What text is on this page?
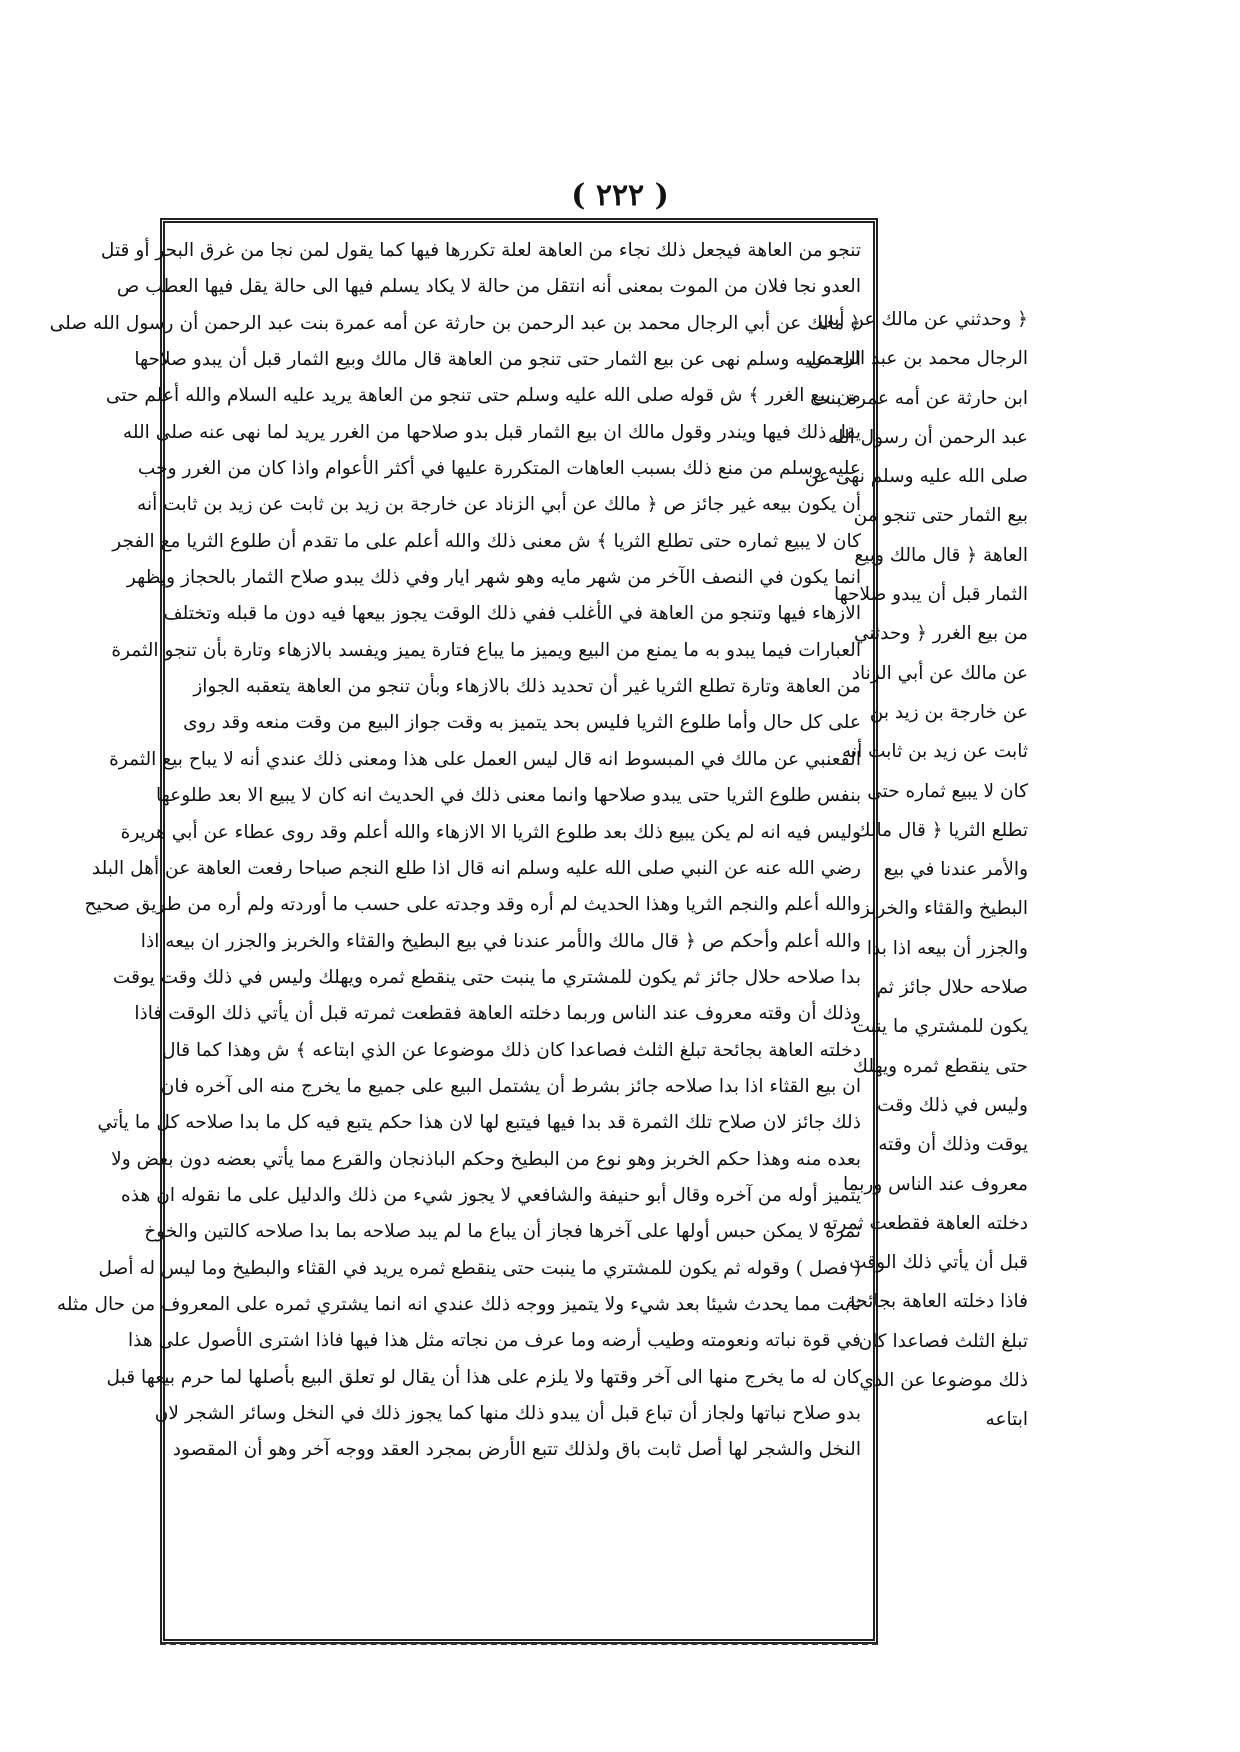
( ٢٢٢ )
تنجو من العاهة فيجعل ذلك نجاء من العاهة لعلة تكررها فيها كما يقول لمن نجا من غرق البحر أو قتل
العدو نجا فلان من الموت بمعنى أنه انتقل من حالة لا يكاد يسلم فيها الى حالة يقل فيها العطب ص
﴿ مالك عن أبي الرجال محمد بن عبد الرحمن بن حارثة عن أمه عمرة بنت عبد الرحمن أن رسول الله صلى
الله عليه وسلم نهى عن بيع الثمار حتى تنجو من العاهة قال مالك وبيع الثمار قبل أن يبدو صلاحها
من بيع الغرر ﴾ ش قوله صلى الله عليه وسلم حتى تنجو من العاهة يريد عليه السلام والله أعلم حتى
يقل ذلك فيها ويندر وقول مالك ان بيع الثمار قبل بدو صلاحها من الغرر يريد لما نهى عنه صلى الله
عليه وسلم من منع ذلك بسبب العاهات المتكررة عليها في أكثر الأعوام واذا كان من الغرر وجب
أن يكون بيعه غير جائز ص ﴿ مالك عن أبي الزناد عن خارجة بن زيد بن ثابت عن زيد بن ثابت أنه
كان لا يبيع ثماره حتى تطلع الثريا ﴾ ش معنى ذلك والله أعلم على ما تقدم أن طلوع الثريا مع الفجر
انما يكون في النصف الآخر من شهر مايه وهو شهر ايار وفي ذلك يبدو صلاح الثمار بالحجاز ويظهر
الازهاء فيها وتنجو من العاهة في الأغلب ففي ذلك الوقت يجوز بيعها فيه دون ما قبله وتختلف
العبارات فيما يبدو به ما يمنع من البيع ويميز ما يباع فتارة يميز ويفسد بالازهاء وتارة بأن تنجو الثمرة
من العاهة وتارة تطلع الثريا غير أن تحديد ذلك بالازهاء وبأن تنجو من العاهة يتعقبه الجواز
على كل حال وأما طلوع الثريا فليس بحد يتميز به وقت جواز البيع من وقت منعه وقد روى
القعنبي عن مالك في المبسوط انه قال ليس العمل على هذا ومعنى ذلك عندي أنه لا يباح بيع الثمرة
بنفس طلوع الثريا حتى يبدو صلاحها وانما معنى ذلك في الحديث انه كان لا يبيع الا بعد طلوعها
وليس فيه انه لم يكن يبيع ذلك بعد طلوع الثريا الا الازهاء والله أعلم وقد روى عطاء عن أبي هريرة
رضي الله عنه عن النبي صلى الله عليه وسلم انه قال اذا طلع النجم صباحا رفعت العاهة عن أهل البلد
والله أعلم والنجم الثريا وهذا الحديث لم أره وقد وجدته على حسب ما أوردته ولم أره من طريق صحيح
والله أعلم وأحكم ص ﴿ قال مالك والأمر عندنا في بيع البطيخ والقثاء والخربز والجزر ان بيعه اذا
بدا صلاحه حلال جائز ثم يكون للمشتري ما ينبت حتى ينقطع ثمره ويهلك وليس في ذلك وقت يوقت
وذلك أن وقته معروف عند الناس وربما دخلته العاهة فقطعت ثمرته قبل أن يأتي ذلك الوقت فاذا
دخلته العاهة بجائحة تبلغ الثلث فصاعدا كان ذلك موضوعا عن الذي ابتاعه ﴾ ش وهذا كما قال
ان بيع القثاء اذا بدا صلاحه جائز بشرط أن يشتمل البيع على جميع ما يخرج منه الى آخره فان
ذلك جائز لان صلاح تلك الثمرة قد بدا فيها فيتبع لها لان هذا حكم يتبع فيه كل ما بدا صلاحه كل ما يأتي
بعده منه وهذا حكم الخربز وهو نوع من البطيخ وحكم الباذنجان والقرع مما يأتي بعضه دون بعض ولا
يتميز أوله من آخره وقال أبو حنيفة والشافعي لا يجوز شيء من ذلك والدليل على ما نقوله ان هذه
ثمرة لا يمكن حبس أولها على آخرها فجاز أن يباع ما لم يبد صلاحه بما بدا صلاحه كالتين والخوخ
( فصل ) وقوله ثم يكون للمشتري ما ينبت حتى ينقطع ثمره يريد في القثاء والبطيخ وما ليس له أصل
ثابت مما يحدث شيئا بعد شيء ولا يتميز ووجه ذلك عندي انه انما يشتري ثمره على المعروف من حال مثله
في قوة نباته ونعومته وطيب أرضه وما عرف من نجاته مثل هذا فيها فاذا اشترى الأصول على هذا
كان له ما يخرج منها الى آخر وقتها ولا يلزم على هذا أن يقال لو تعلق البيع بأصلها لما حرم بيعها قبل
بدو صلاح نباتها ولجاز أن تباع قبل أن يبدو ذلك منها كما يجوز ذلك في النخل وسائر الشجر لان
النخل والشجر لها أصل ثابت باق ولذلك تتبع الأرض بمجرد العقد ووجه آخر وهو أن المقصود
﴿ وحدثني عن مالك عن أبي
الرجال محمد بن عبد الرحمن
ابن حارثة عن أمه عمرة بنت
عبد الرحمن أن رسول الله
صلى الله عليه وسلم نهى عن
بيع الثمار حتى تنجو من
العاهة ﴿ قال مالك وبيع
الثمار قبل أن يبدو صلاحها
من بيع الغرر ﴿ وحدثني
عن مالك عن أبي الزناد
عن خارجة بن زيد بن
ثابت عن زيد بن ثابت أنه
كان لا يبيع ثماره حتى
تطلع الثريا ﴿ قال مالك
والأمر عندنا في بيع
البطيخ والقثاء والخربز
والجزر أن بيعه اذا بدا
صلاحه حلال جائز ثم
يكون للمشتري ما ينبت
حتى ينقطع ثمره ويهلك
وليس في ذلك وقت
يوقت وذلك أن وقته
معروف عند الناس وربما
دخلته العاهة فقطعت ثمرته
قبل أن يأتي ذلك الوقت
فاذا دخلته العاهة بجائحة
تبلغ الثلث فصاعدا كان
ذلك موضوعا عن الذي
ابتاعه
